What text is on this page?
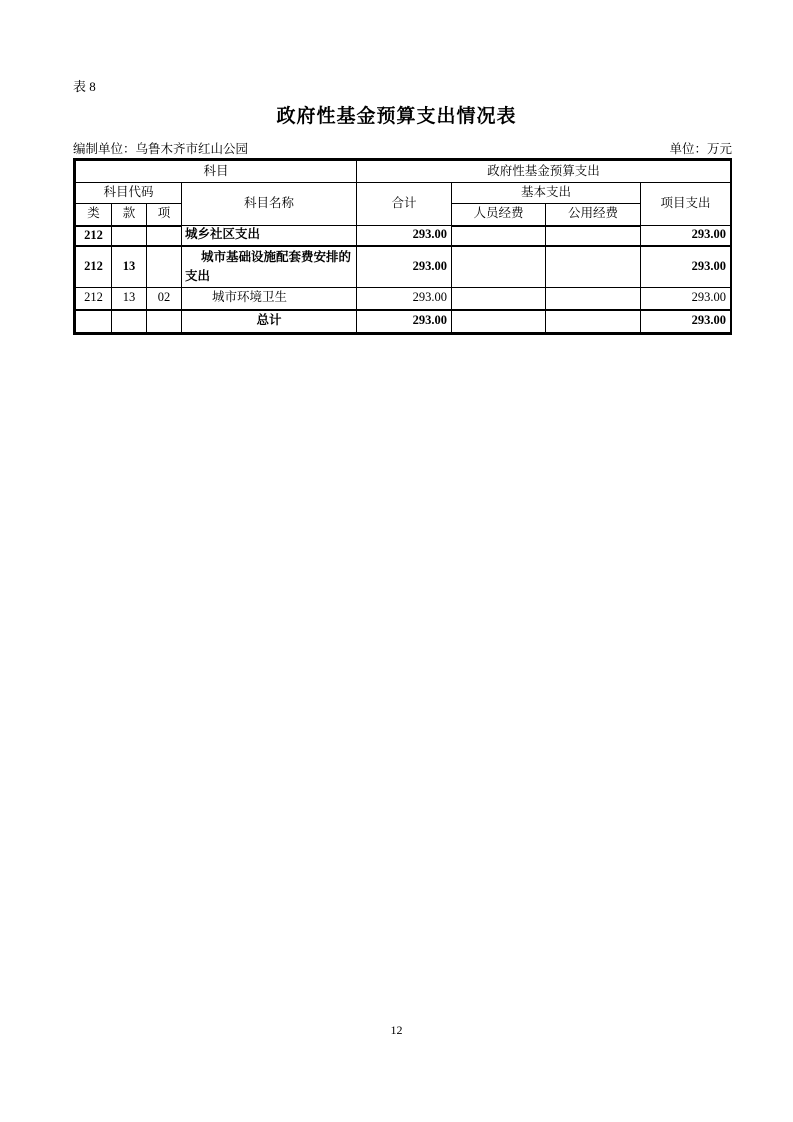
表 8
政府性基金预算支出情况表
编制单位：乌鲁木齐市红山公园	单位：万元
科目				政府性基金预算支出			
科目代码			科目名称	合计	基本支出		项目支出
类	款	项			人员经费	公用经费	
212			城乡社区支出	293.00			293.00
212	13		城市基础设施配套费安排的支出	293.00			293.00
212	13	02	城市环境卫生	293.00			293.00
			总计	293.00			293.00
12
